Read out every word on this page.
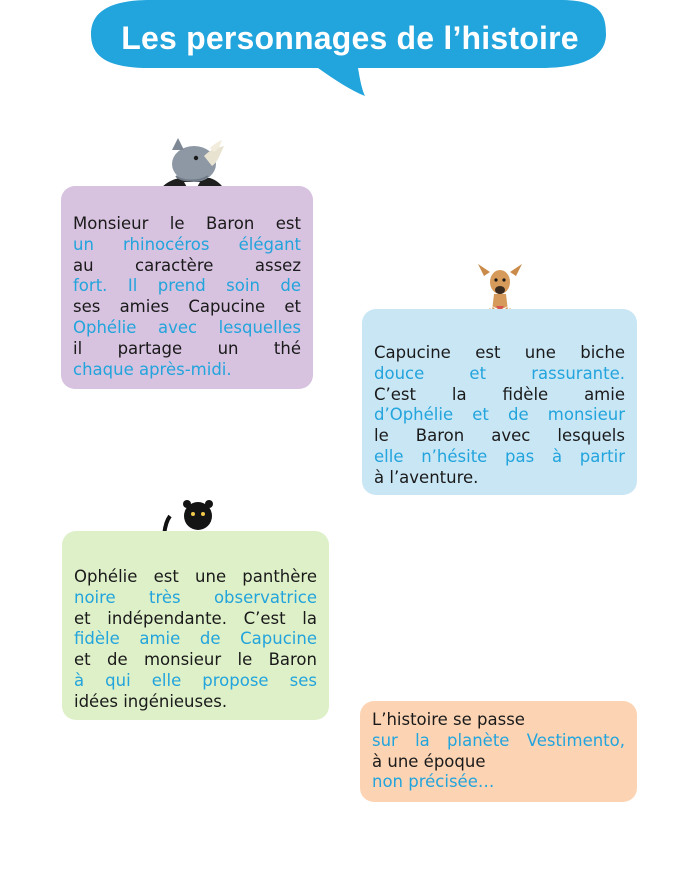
Les personnages de l’histoire
Monsieur le Baron est
un rhinocéros élégant
au caractère assez
fort. Il prend soin de
ses amies Capucine et
Ophélie avec lesquelles
il partage un thé
chaque après-midi.
Capucine est une biche
douce et rassurante.
C’est la fidèle amie
d’Ophélie et de monsieur
le Baron avec lesquels
elle n’hésite pas à partir
à l’aventure.
Ophélie est une panthère
noire très observatrice
et indépendante. C’est la
fidèle amie de Capucine
et de monsieur le Baron
à qui elle propose ses
idées ingénieuses.
L’histoire se passe
sur la planète Vestimento,
à une époque
non précisée…
